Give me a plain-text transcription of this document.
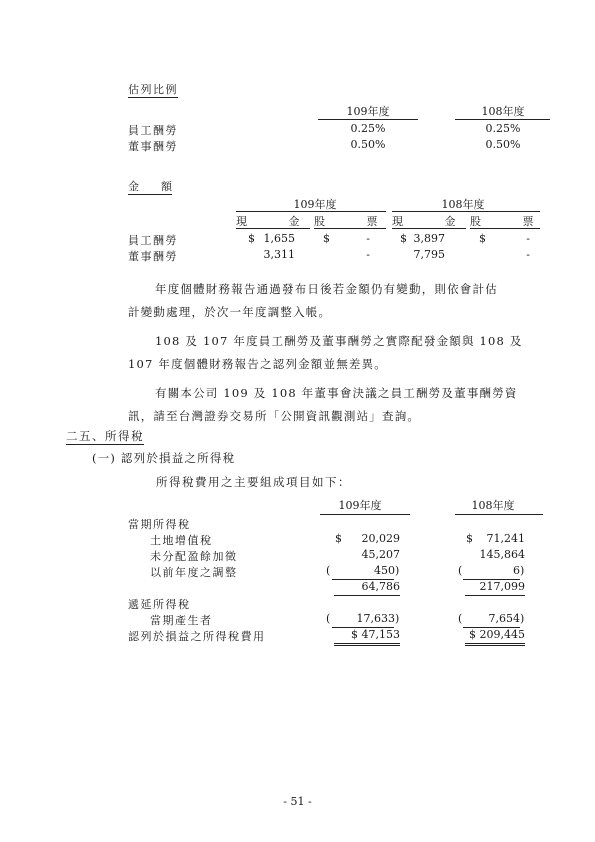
估列比例
109年度	108年度
員工酬勞	0.25%	0.25%
董事酬勞	0.50%	0.50%
金　　額
109年度	108年度
現　　　　金	股　　　　票	現　　　　金	股　　　　票
員工酬勞	$ 1,655	$	-	$ 3,897	$	-
董事酬勞	3,311	-	7,795	-
年度個體財務報告通過發布日後若金額仍有變動，則依會計估
計變動處理，於次一年度調整入帳。
108 及 107 年度員工酬勞及董事酬勞之實際配發金額與 108 及
107 年度個體財務報告之認列金額並無差異。
有關本公司 109 及 108 年董事會決議之員工酬勞及董事酬勞資
訊，請至台灣證券交易所「公開資訊觀測站」查詢。
二五、所得稅
(一) 認列於損益之所得稅
所得稅費用之主要組成項目如下：
109年度	108年度
當期所得稅
土地增值稅	$	20,029	$	71,241
未分配盈餘加徵	45,207	145,864
以前年度之調整	(	450 )	(	6 )
64,786	217,099
遞延所得稅
當期產生者	(	17,633 )	(	7,654 )
認列於損益之所得稅費用	$ 47,153	$ 209,445
- 51 -
